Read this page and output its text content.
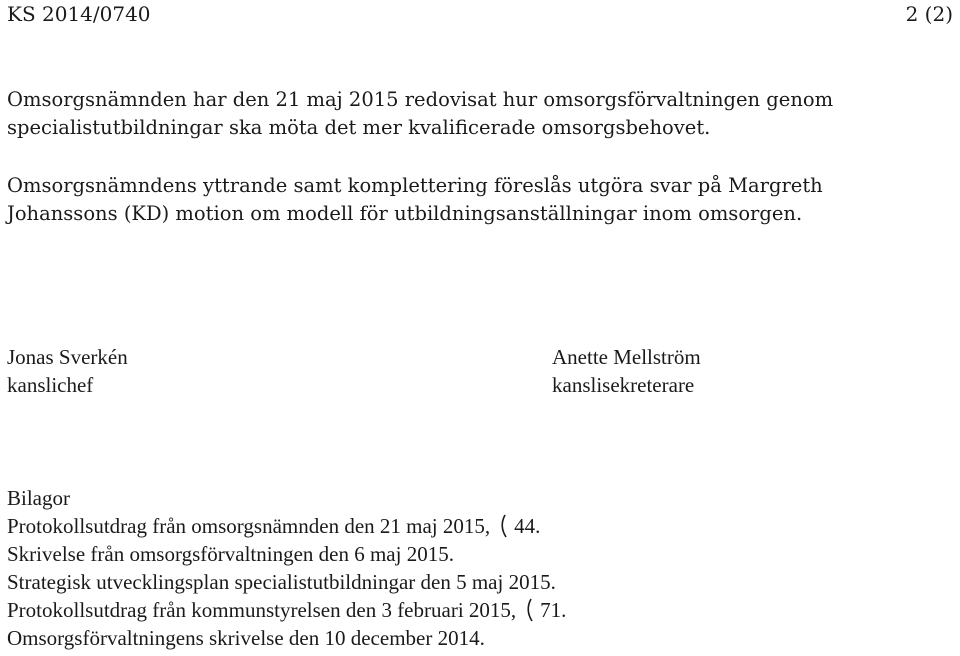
KS 2014/0740	2 (2)
Omsorgsnämnden har den 21 maj 2015 redovisat hur omsorgsförvaltningen genom specialistutbildningar ska möta det mer kvalificerade omsorgsbehovet.
Omsorgsnämndens yttrande samt komplettering föreslås utgöra svar på Margreth Johanssons (KD) motion om modell för utbildningsanställningar inom omsorgen.
Jonas Sverkén
kanslichef
Anette Mellström
kanslisekreterare
Bilagor
Protokollsutdrag från omsorgsnämnden den 21 maj 2015, 44 .
Skrivelse från omsorgsförvaltningen den 6 maj 2015.
Strategisk utvecklingsplan specialistutbildningar den 5 maj 2015.
Protokollsutdrag från kommunstyrelsen den 3 februari 2015, 71 .
Omsorgsförvaltningens skrivelse den 10 december 2014.
